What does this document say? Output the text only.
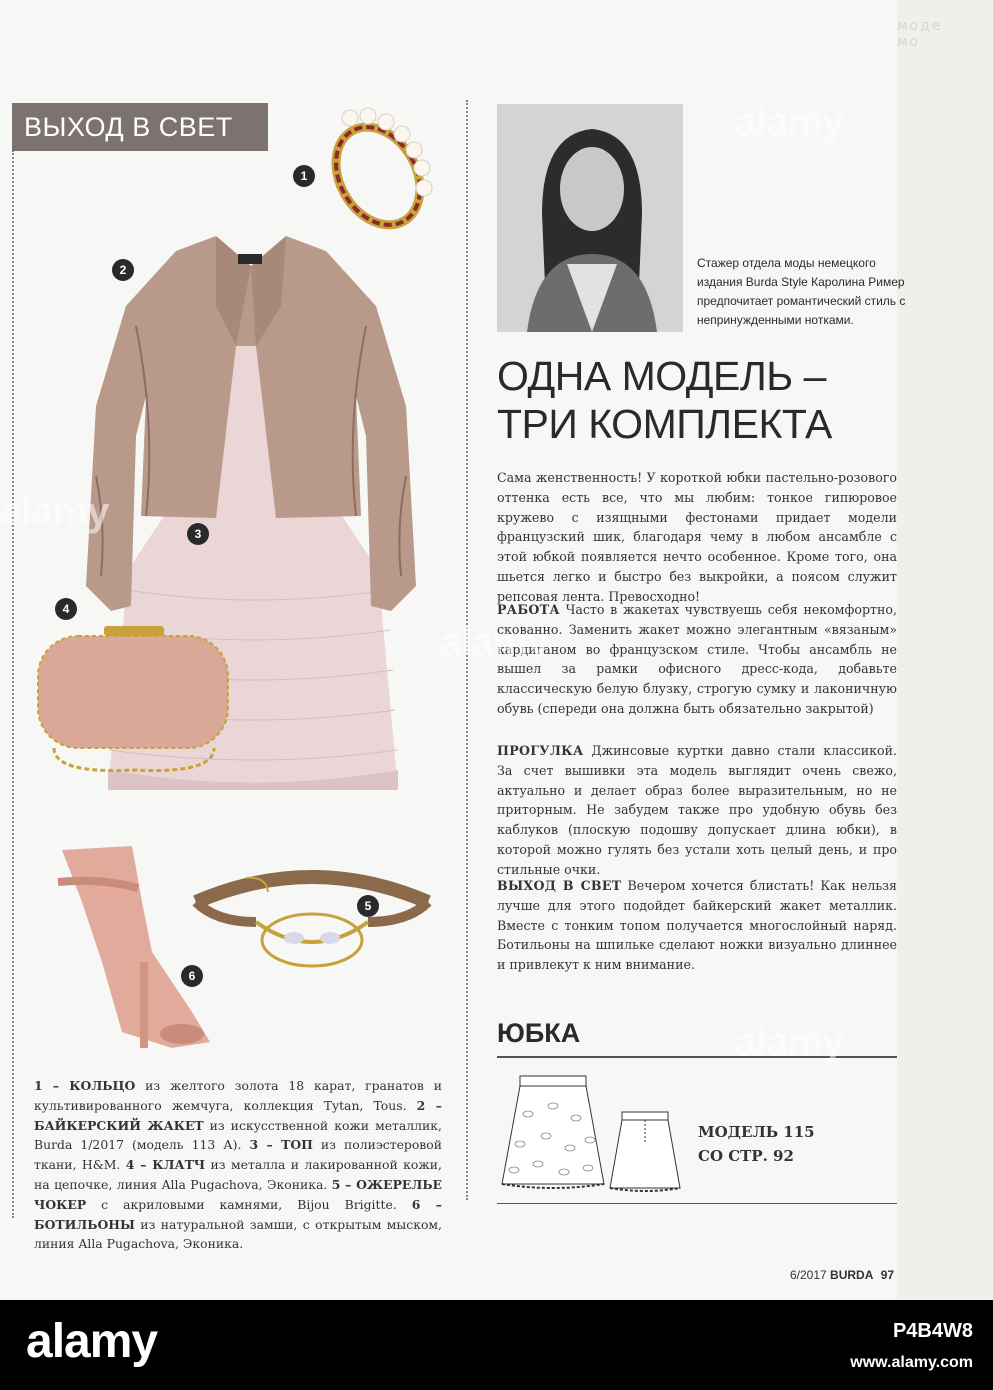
моде мо
ВЫХОД В СВЕТ
1
2
3
4
5
6
Стажер отдела моды немецкого издания Burda Style Каролина Ример предпочитает романтический стиль с непринужденными нотками.
ОДНА МОДЕЛЬ –
ТРИ КОМПЛЕКТА
Сама женственность! У короткой юбки пастельно-розового оттенка есть все, что мы любим: тонкое гипюровое кружево с изящными фестонами придает модели французский шик, благодаря чему в любом ансамбле с этой юбкой появляется нечто особенное. Кроме того, она шьется легко и быстро без выкройки, а поясом служит репсовая лента. Превосходно!
РАБОТА Часто в жакетах чувствуешь себя некомфортно, скованно. Заменить жакет можно элегантным «вязаным» кардиганом во французском стиле. Чтобы ансамбль не вышел за рамки офисного дресс-кода, добавьте классическую белую блузку, строгую сумку и лаконичную обувь (спереди она должна быть обязательно закрытой)
ПРОГУЛКА Джинсовые куртки давно стали классикой. За счет вышивки эта модель выглядит очень свежо, актуально и делает образ более выразительным, но не приторным. Не забудем также про удобную обувь без каблуков (плоскую подошву допускает длина юбки), в которой можно гулять без устали хоть целый день, и про стильные очки.
ВЫХОД В СВЕТ Вечером хочется блистать! Как нельзя лучше для этого подойдет байкерский жакет металлик. Вместе с тонким топом получается многослойный наряд. Ботильоны на шпильке сделают ножки визуально длиннее и привлекут к ним внимание.
ЮБКА
МОДЕЛЬ 115
СО СТР. 92
1 – КОЛЬЦО из желтого золота 18 карат, гранатов и культивированного жемчуга, коллекция Tytan, Tous. 2 – БАЙКЕРСКИЙ ЖАКЕТ из искусственной кожи металлик, Burda 1/2017 (модель 113 А). 3 – ТОП из полиэстеровой ткани, H&M. 4 – КЛАТЧ из металла и лакированной кожи, на цепочке, линия Alla Pugachova, Эконика. 5 – ОЖЕРЕЛЬЕ ЧОКЕР с акриловыми камнями, Bijou Brigitte. 6 – БОТИЛЬОНЫ из натуральной замши, с открытым мыском, линия Alla Pugachova, Эконика.
6/2017 BURDA 97
alamy
alamy
alamy
alamy
alamy	P4B4W8
www.alamy.com
